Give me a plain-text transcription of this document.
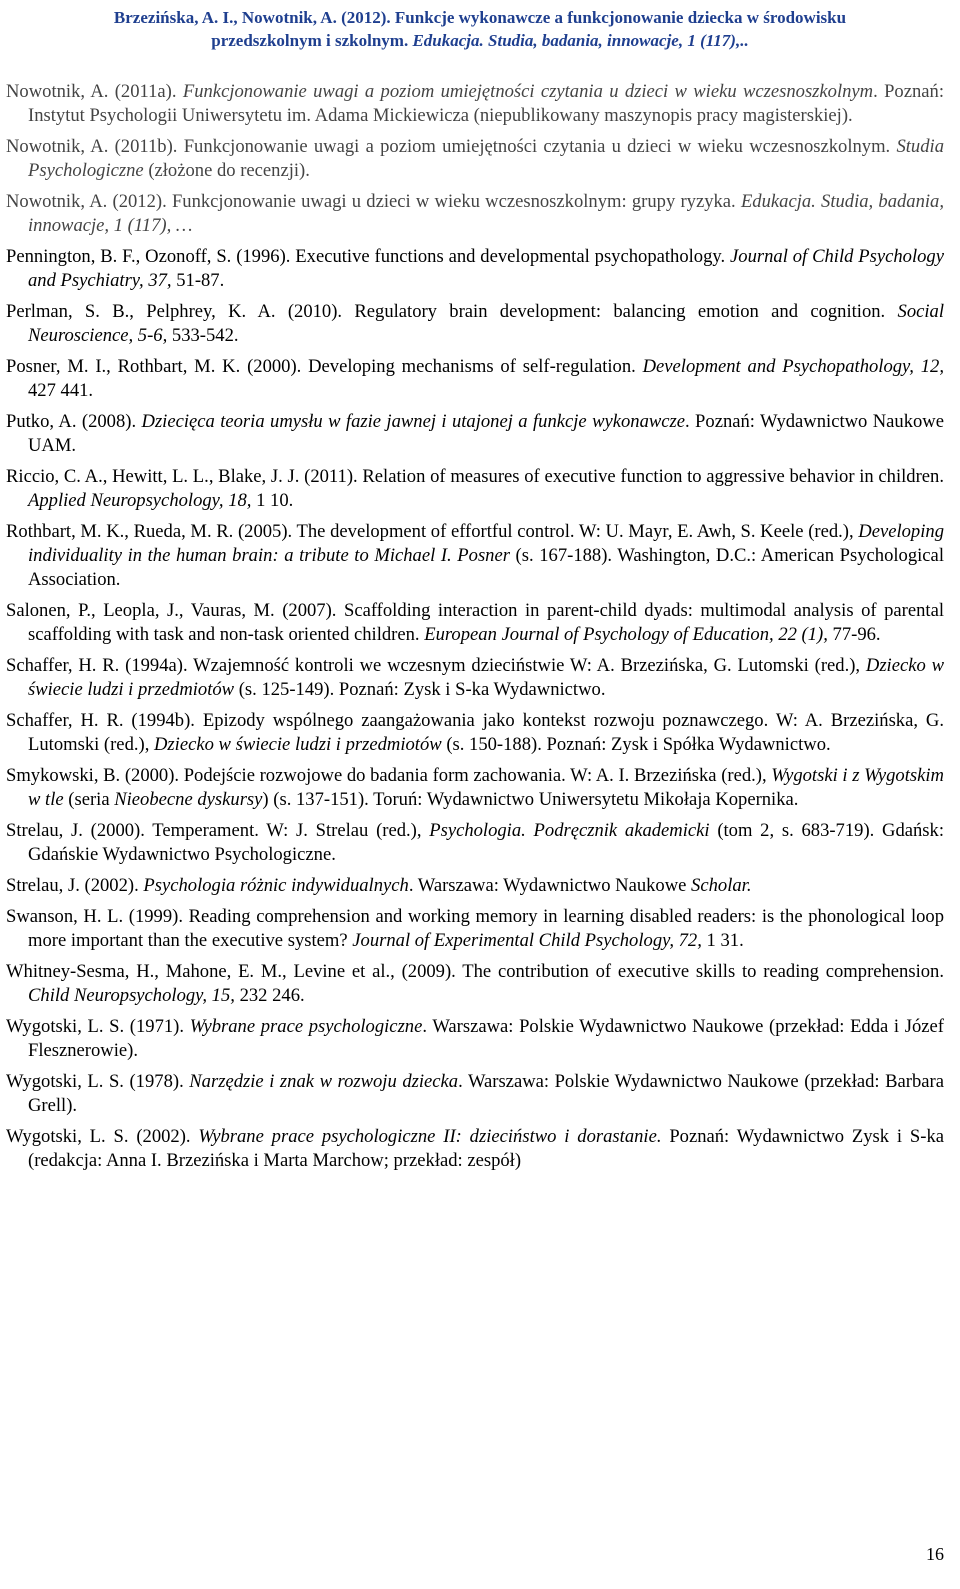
Brzezińska, A. I., Nowotnik, A. (2012). Funkcje wykonawcze a funkcjonowanie dziecka w środowisku
przedszkolnym i szkolnym. Edukacja. Studia, badania, innowacje, 1 (117),..
Nowotnik, A. (2011a). Funkcjonowanie uwagi a poziom umiejętności czytania u dzieci w wieku wczesnoszkolnym. Poznań: Instytut Psychologii Uniwersytetu im. Adama Mickiewicza (niepublikowany maszynopis pracy magisterskiej).
Nowotnik, A. (2011b). Funkcjonowanie uwagi a poziom umiejętności czytania u dzieci w wieku wczesnoszkolnym. Studia Psychologiczne (złożone do recenzji).
Nowotnik, A. (2012). Funkcjonowanie uwagi u dzieci w wieku wczesnoszkolnym: grupy ryzyka. Edukacja. Studia, badania, innowacje, 1 (117), …
Pennington, B. F., Ozonoff, S. (1996). Executive functions and developmental psychopathology. Journal of Child Psychology and Psychiatry, 37, 51-87.
Perlman, S. B., Pelphrey, K. A. (2010). Regulatory brain development: balancing emotion and cognition. Social Neuroscience, 5-6, 533-542.
Posner, M. I., Rothbart, M. K. (2000). Developing mechanisms of self-regulation. Development and Psychopathology, 12, 427 441.
Putko, A. (2008). Dziecięca teoria umysłu w fazie jawnej i utajonej a funkcje wykonawcze. Poznań: Wydawnictwo Naukowe UAM.
Riccio, C. A., Hewitt, L. L., Blake, J. J. (2011). Relation of measures of executive function to aggressive behavior in children. Applied Neuropsychology, 18, 1 10.
Rothbart, M. K., Rueda, M. R. (2005). The development of effortful control. W: U. Mayr, E. Awh, S. Keele (red.), Developing individuality in the human brain: a tribute to Michael I. Posner (s. 167-188). Washington, D.C.: American Psychological Association.
Salonen, P., Leopla, J., Vauras, M. (2007). Scaffolding interaction in parent-child dyads: multimodal analysis of parental scaffolding with task and non-task oriented children. European Journal of Psychology of Education, 22 (1), 77-96.
Schaffer, H. R. (1994a). Wzajemność kontroli we wczesnym dzieciństwie W: A. Brzezińska, G. Lutomski (red.), Dziecko w świecie ludzi i przedmiotów (s. 125-149). Poznań: Zysk i S-ka Wydawnictwo.
Schaffer, H. R. (1994b). Epizody wspólnego zaangażowania jako kontekst rozwoju poznawczego. W: A. Brzezińska, G. Lutomski (red.), Dziecko w świecie ludzi i przedmiotów (s. 150-188). Poznań: Zysk i Spółka Wydawnictwo.
Smykowski, B. (2000). Podejście rozwojowe do badania form zachowania. W: A. I. Brzezińska (red.), Wygotski i z Wygotskim w tle (seria Nieobecne dyskursy) (s. 137-151). Toruń: Wydawnictwo Uniwersytetu Mikołaja Kopernika.
Strelau, J. (2000). Temperament. W: J. Strelau (red.), Psychologia. Podręcznik akademicki (tom 2, s. 683-719). Gdańsk: Gdańskie Wydawnictwo Psychologiczne.
Strelau, J. (2002). Psychologia różnic indywidualnych. Warszawa: Wydawnictwo Naukowe Scholar.
Swanson, H. L. (1999). Reading comprehension and working memory in learning disabled readers: is the phonological loop more important than the executive system? Journal of Experimental Child Psychology, 72, 1 31.
Whitney-Sesma, H., Mahone, E. M., Levine et al., (2009). The contribution of executive skills to reading comprehension. Child Neuropsychology, 15, 232 246.
Wygotski, L. S. (1971). Wybrane prace psychologiczne. Warszawa: Polskie Wydawnictwo Naukowe (przekład: Edda i Józef Flesznerowie).
Wygotski, L. S. (1978). Narzędzie i znak w rozwoju dziecka. Warszawa: Polskie Wydawnictwo Naukowe (przekład: Barbara Grell).
Wygotski, L. S. (2002). Wybrane prace psychologiczne II: dzieciństwo i dorastanie. Poznań: Wydawnictwo Zysk i S-ka (redakcja: Anna I. Brzezińska i Marta Marchow; przekład: zespół)
16
